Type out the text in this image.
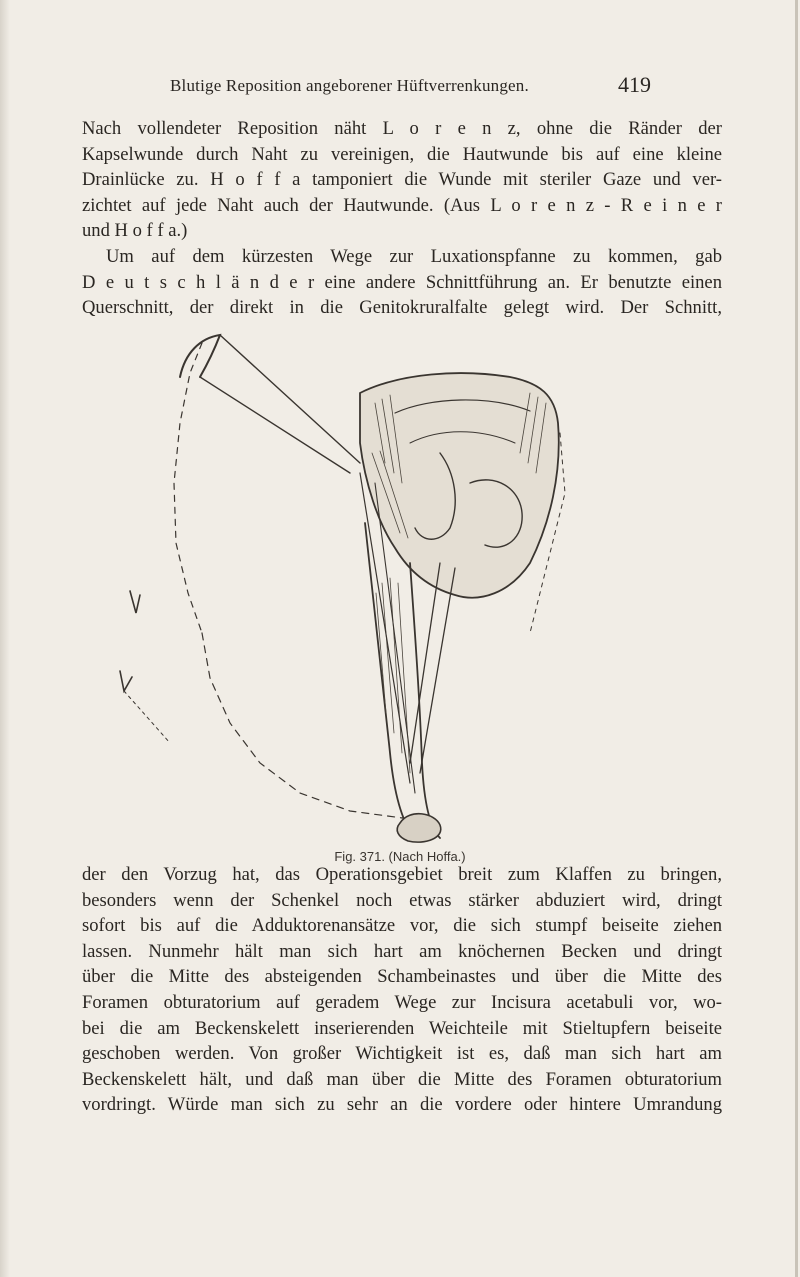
Blutige Reposition angeborener Hüftverrenkungen.	419
Nach vollendeter Reposition näht L o r e n z, ohne die Ränder der
Kapselwunde durch Naht zu vereinigen, die Hautwunde bis auf eine kleine
Drainlücke zu. H o f f a tamponiert die Wunde mit steriler Gaze und ver-
zichtet auf jede Naht auch der Hautwunde. (Aus L o r e n z - R e i n e r
und H o f f a.)
Um auf dem kürzesten Wege zur Luxationspfanne zu kommen, gab
D e u t s c h l ä n d e r eine andere Schnittführung an. Er benutzte einen
Querschnitt, der direkt in die Genitokruralfalte gelegt wird. Der Schnitt,
Fig. 371. (Nach Hoffa.)
der den Vorzug hat, das Operationsgebiet breit zum Klaffen zu bringen,
besonders wenn der Schenkel noch etwas stärker abduziert wird, dringt
sofort bis auf die Adduktorenansätze vor, die sich stumpf beiseite ziehen
lassen. Nunmehr hält man sich hart am knöchernen Becken und dringt
über die Mitte des absteigenden Schambeinastes und über die Mitte des
Foramen obturatorium auf geradem Wege zur Incisura acetabuli vor, wo-
bei die am Beckenskelett inserierenden Weichteile mit Stieltupfern beiseite
geschoben werden. Von großer Wichtigkeit ist es, daß man sich hart am
Beckenskelett hält, und daß man über die Mitte des Foramen obturatorium
vordringt. Würde man sich zu sehr an die vordere oder hintere Umrandung
